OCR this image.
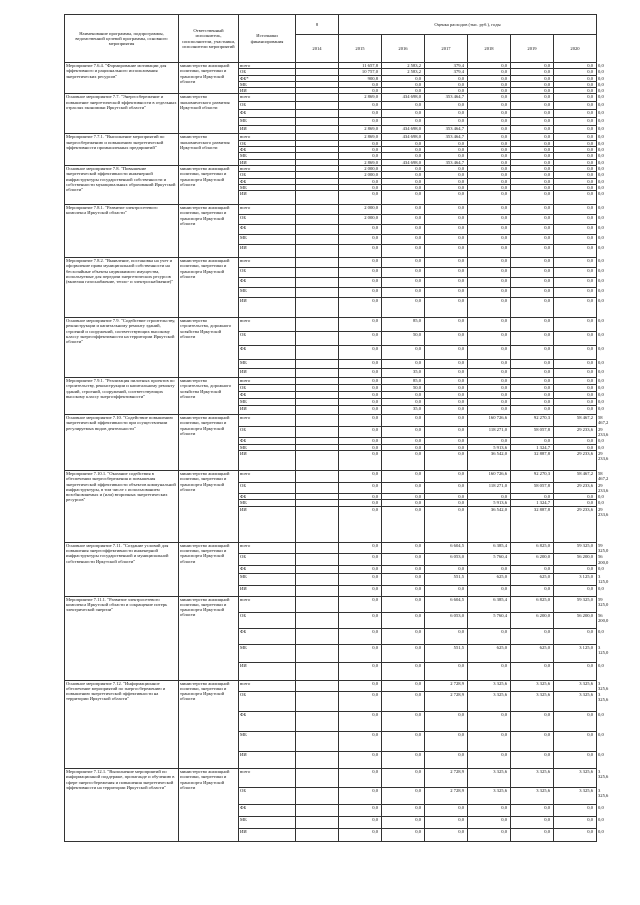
Наименование программы, подпрограммы, ведомственной целевой программы, основного мероприятия	Ответственный исполнитель, соисполнители, участники, исполнители мероприятий	Источники финансирования	8	Оценка расходов (тыс. руб.), годы						
			2014	2015	2016	2017	2018	2019	2020	

Мероприятие 7.6.4. "Формирование мотивации для эффективного и рационального использования энергетических ресурсов"	министерство жилищной политики, энергетики и транспорта Иркутской области	всего		11 657,8	2 583,2	379,4	0,0	0,0	0,0	0,0
		ОБ		10 757,0	2 583,2	379,4	0,0	0,0	0,0	0,0
		ФБ*		900,8	0,0	0,0	0,0	0,0	0,0	0,0
		МБ		0,0	0,0	0,0	0,0	0,0	0,0	0,0
		ИИ		0,0	0,0	0,0	0,0	0,0	0,0	0,0

Основное мероприятие 7.7. "Энергосбережение и повышение энергетической эффективности в отдельных отраслях экономики Иркутской области"	министерство экономического развития Иркутской области	всего		2 869,0	434 698,0	353 464,7	0,0	0,0	0,0	0,0
		ОБ		0,0	0,0	0,0	0,0	0,0	0,0	0,0
		ФБ		0,0	0,0	0,0	0,0	0,0	0,0	0,0
		МБ		0,0	0,0	0,0	0,0	0,0	0,0	0,0
		ИИ		2 869,0	434 698,0	353 464,7	0,0	0,0	0,0	0,0

Мероприятие 7.7.1. "Выполнение мероприятий по энергосбережению и повышению энергетической эффективности промышленных предприятий"	министерство экономического развития Иркутской области	всего		2 869,0	434 698,0	353 464,7	0,0	0,0	0,0	0,0
		ОБ		0,0	0,0	0,0	0,0	0,0	0,0	0,0
		ФБ		0,0	0,0	0,0	0,0	0,0	0,0	0,0
		МБ		0,0	0,0	0,0	0,0	0,0	0,0	0,0
		ИИ		2 869,0	434 698,0	353 464,7	0,0	0,0	0,0	0,0

Основное мероприятие 7.8. "Повышение энергетической эффективности инженерной инфраструктуры государственной собственности и собственности муниципальных образований Иркутской области"	министерство жилищной политики, энергетики и транспорта Иркутской области	всего		2 000,0	0,0	0,0	0,0	0,0	0,0	0,0
		ОБ		2 000,0	0,0	0,0	0,0	0,0	0,0	0,0
		ФБ		0,0	0,0	0,0	0,0	0,0	0,0	0,0
		МБ		0,0	0,0	0,0	0,0	0,0	0,0	0,0
		ИИ		0,0	0,0	0,0	0,0	0,0	0,0	0,0

Мероприятие 7.8.1. "Развитие электросетевого комплекса Иркутской области"	министерство жилищной политики, энергетики и транспорта Иркутской области	всего		2 000,0	0,0	0,0	0,0	0,0	0,0	0,0
		ОБ		2 000,0	0,0	0,0	0,0	0,0	0,0	0,0
		ФБ		0,0	0,0	0,0	0,0	0,0	0,0	0,0
		МБ		0,0	0,0	0,0	0,0	0,0	0,0	0,0
		ИИ		0,0	0,0	0,0	0,0	0,0	0,0	0,0

Мероприятие 7.8.2. "Выявление, постановка на учет и оформление права муниципальной собственности на бесхозяйные объекты недвижимого имущества, используемые для передачи энергетических ресурсов (включая газоснабжение, тепло- и электроснабжение)"	министерство жилищной политики, энергетики и транспорта Иркутской области	всего		0,0	0,0	0,0	0,0	0,0	0,0	0,0
		ОБ		0,0	0,0	0,0	0,0	0,0	0,0	0,0
		ФБ		0,0	0,0	0,0	0,0	0,0	0,0	0,0
		МБ		0,0	0,0	0,0	0,0	0,0	0,0	0,0
		ИИ		0,0	0,0	0,0	0,0	0,0	0,0	0,0

Основное мероприятие 7.9. "Содействие строительству, реконструкции и капитальному ремонту зданий, строений и сооружений, соответствующих высокому классу энергоэффективности на территории Иркутской области"	министерство строительства, дорожного хозяйства Иркутской области	всего		0,0	85,0	0,0	0,0	0,0	0,0	0,0
		ОБ		0,0	50,0	0,0	0,0	0,0	0,0	0,0
		ФБ		0,0	0,0	0,0	0,0	0,0	0,0	0,0
		МБ		0,0	0,0	0,0	0,0	0,0	0,0	0,0
		ИИ		0,0	35,0	0,0	0,0	0,0	0,0	0,0

Мероприятие 7.9.1. "Реализация пилотных проектов по строительству, реконструкции и капитальному ремонту зданий, строений, сооружений, соответствующих высокому классу энергоэффективности"	министерство строительства, дорожного хозяйства Иркутской области	всего		0,0	85,0	0,0	0,0	0,0	0,0	0,0
		ОБ		0,0	50,0	0,0	0,0	0,0	0,0	0,0
		ФБ		0,0	0,0	0,0	0,0	0,0	0,0	0,0
		МБ		0,0	0,0	0,0	0,0	0,0	0,0	0,0
		ИИ		0,0	35,0	0,0	0,0	0,0	0,0	0,0

Основное мероприятие 7.10. "Содействие повышению энергетической эффективности при осуществлении регулируемых видов деятельности"	министерство жилищной политики, энергетики и транспорта Иркутской области	всего		0,0	0,0	0,0	160 726,6	92 270,3	58 467,2	58 467,2
		ОБ		0,0	0,0	0,0	118 271,0	58 057,8	29 233,6	29 233,6
		ФБ		0,0	0,0	0,0	0,0	0,0	0,0	0,0
		МБ		0,0	0,0	0,0	5 913,6	1 324,7	0,0	0,0
		ИИ		0,0	0,0	0,0	36 542,0	32 887,8	29 233,6	29 233,6

Мероприятие 7.10.1. "Оказание содействия в обеспечении энергосбережения и повышения энергетической эффективности объектов коммунальной инфраструктуры, в том числе с использованием возобновляемых и (или) вторичных энергетических ресурсов"	министерство жилищной политики, энергетики и транспорта Иркутской области	всего		0,0	0,0	0,0	160 726,6	92 270,3	58 467,2	58 467,2
		ОБ		0,0	0,0	0,0	118 271,0	58 057,8	29 233,6	29 233,6
		ФБ		0,0	0,0	0,0	0,0	0,0	0,0	0,0
		МБ		0,0	0,0	0,0	5 913,6	1 324,7	0,0	0,0
		ИИ		0,0	0,0	0,0	36 542,0	32 887,8	29 233,6	29 233,6

Основное мероприятие 7.11. "Создание условий для повышения энергоэффективности инженерной инфраструктуры государственной и муниципальной собственности Иркутской области"	министерство жилищной политики, энергетики и транспорта Иркутской области	всего		0,0	0,0	6 604,5	6 385,4	6 825,0	59 325,0	59 325,0
		ОБ		0,0	0,0	6 053,0	5 760,4	6 200,0	56 200,0	56 200,0
		ФБ		0,0	0,0	0,0	0,0	0,0	0,0	0,0
		МБ		0,0	0,0	551,5	625,0	625,0	3 125,0	3 125,0
		ИИ		0,0	0,0	0,0	0,0	0,0	0,0	0,0

Мероприятие 7.11.1. "Развитие электросетевого комплекса Иркутской области и сокращение потерь электрической энергии"	министерство жилищной политики, энергетики и транспорта Иркутской области	всего		0,0	0,0	6 604,5	6 385,4	6 825,0	59 325,0	59 325,0
		ОБ		0,0	0,0	6 053,0	5 760,4	6 200,0	56 200,0	56 200,0
		ФБ		0,0	0,0	0,0	0,0	0,0	0,0	0,0
		МБ		0,0	0,0	551,5	625,0	625,0	3 125,0	3 125,0
		ИИ		0,0	0,0	0,0	0,0	0,0	0,0	0,0

Основное мероприятие 7.12. "Информационное обеспечение мероприятий по энергосбережению и повышению энергетической эффективности на территории Иркутской области"	министерство жилищной политики, энергетики и транспорта Иркутской области	всего		0,0	0,0	2 728,9	3 325,6	3 325,6	3 325,6	3 325,6
		ОБ		0,0	0,0	2 728,9	3 325,6	3 325,6	3 325,6	3 325,6
		ФБ		0,0	0,0	0,0	0,0	0,0	0,0	0,0
		МБ		0,0	0,0	0,0	0,0	0,0	0,0	0,0
		ИИ		0,0	0,0	0,0	0,0	0,0	0,0	0,0

Мероприятие 7.12.1. "Выполнение мероприятий по информационной поддержке, пропаганде и обучению в сфере энергосбережения и повышения энергетической эффективности на территории Иркутской области"	министерство жилищной политики, энергетики и транспорта Иркутской области	всего		0,0	0,0	2 728,9	3 325,6	3 325,6	3 325,6	3 325,6
		ОБ		0,0	0,0	2 728,9	3 325,6	3 325,6	3 325,6	3 325,6
		ФБ		0,0	0,0	0,0	0,0	0,0	0,0	0,0
		МБ		0,0	0,0	0,0	0,0	0,0	0,0	0,0
		ИИ		0,0	0,0	0,0	0,0	0,0	0,0	0,0
